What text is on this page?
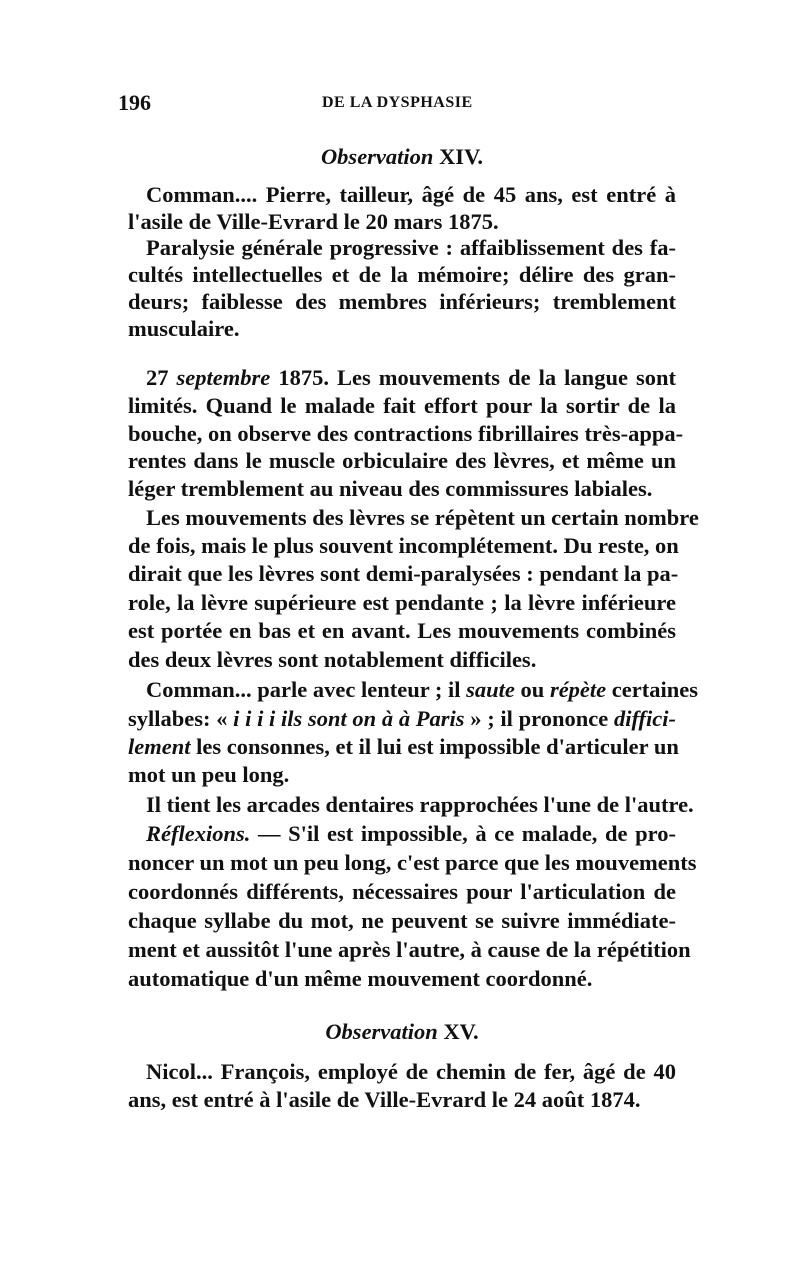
196	DE LA DYSPHASIE
Observation XIV.
Comman.... Pierre, tailleur, âgé de 45 ans, est entré à
l'asile de Ville-Evrard le 20 mars 1875.
Paralysie générale progressive : affaiblissement des fa-
cultés intellectuelles et de la mémoire; délire des gran-
deurs; faiblesse des membres inférieurs; tremblement
musculaire.
27 septembre 1875. Les mouvements de la langue sont
limités. Quand le malade fait effort pour la sortir de la
bouche, on observe des contractions fibrillaires très-appa-
rentes dans le muscle orbiculaire des lèvres, et même un
léger tremblement au niveau des commissures labiales.
Les mouvements des lèvres se répètent un certain nombre
de fois, mais le plus souvent incomplétement. Du reste, on
dirait que les lèvres sont demi-paralysées : pendant la pa-
role, la lèvre supérieure est pendante ; la lèvre inférieure
est portée en bas et en avant. Les mouvements combinés
des deux lèvres sont notablement difficiles.
Comman... parle avec lenteur ; il saute ou répète certaines
syllabes: « i i i i ils sont on à à Paris » ; il prononce diffici-
lement les consonnes, et il lui est impossible d'articuler un
mot un peu long.
Il tient les arcades dentaires rapprochées l'une de l'autre.
Réflexions. — S'il est impossible, à ce malade, de pro-
noncer un mot un peu long, c'est parce que les mouvements
coordonnés différents, nécessaires pour l'articulation de
chaque syllabe du mot, ne peuvent se suivre immédiate-
ment et aussitôt l'une après l'autre, à cause de la répétition
automatique d'un même mouvement coordonné.
Observation XV.
Nicol... François, employé de chemin de fer, âgé de 40
ans, est entré à l'asile de Ville-Evrard le 24 août 1874.
